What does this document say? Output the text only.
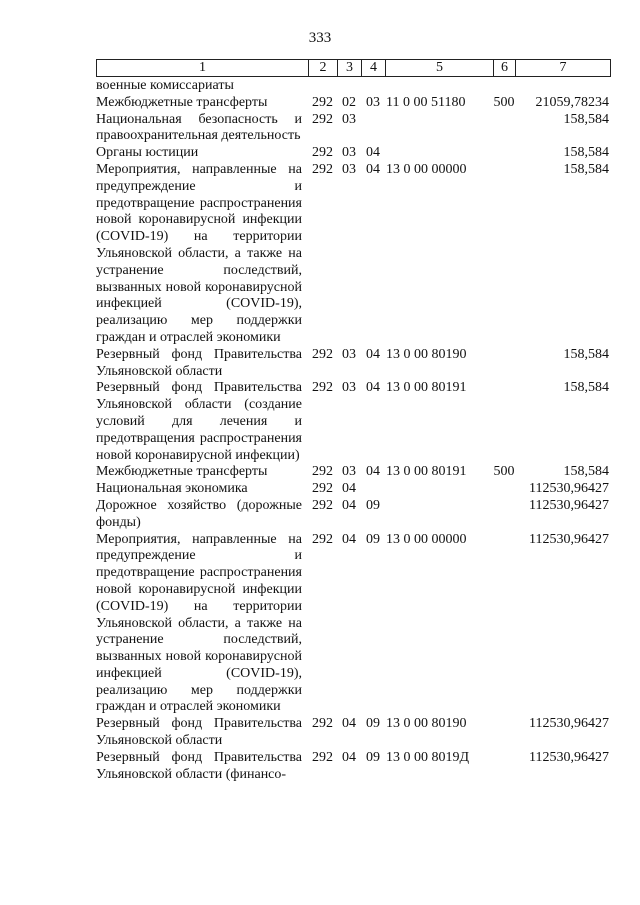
333
1	2	3	4	5	6	7
военные комиссариаты
Межбюджетные трансферты	292 02 03 11 0 00 51180	500	21059,78234
Национальная безопасность и правоохранительная деятельность
292 03	158,584
Органы юстиции	292 03 04	158,584
Мероприятия, направленные на предупреждение и предотвращение распространения новой коронавирусной инфекции (COVID-19) на территории Ульяновской области, а также на устранение последствий, вызванных новой коронавирусной инфекцией (COVID-19), реализацию мер поддержки граждан и отраслей экономики
292 03 04 13 0 00 00000	158,584
Резервный фонд Правительства Ульяновской области
292 03 04 13 0 00 80190	158,584
Резервный фонд Правительства Ульяновской области (создание условий для лечения и предотвращения распространения новой коронавирусной инфекции)
292 03 04 13 0 00 80191	158,584
Межбюджетные трансферты	292 03 04 13 0 00 80191	500	158,584
Национальная экономика	292 04	112530,96427
Дорожное хозяйство (дорожные фонды)
292 04 09	112530,96427
Мероприятия, направленные на предупреждение и предотвращение распространения новой коронавирусной инфекции (COVID-19) на территории Ульяновской области, а также на устранение последствий, вызванных новой коронавирусной инфекцией (COVID-19), реализацию мер поддержки граждан и отраслей экономики
292 04 09 13 0 00 00000	112530,96427
Резервный фонд Правительства Ульяновской области
292 04 09 13 0 00 80190	112530,96427
Резервный фонд Правительства Ульяновской области (финансо-
292 04 09 13 0 00 8019Д	112530,96427
